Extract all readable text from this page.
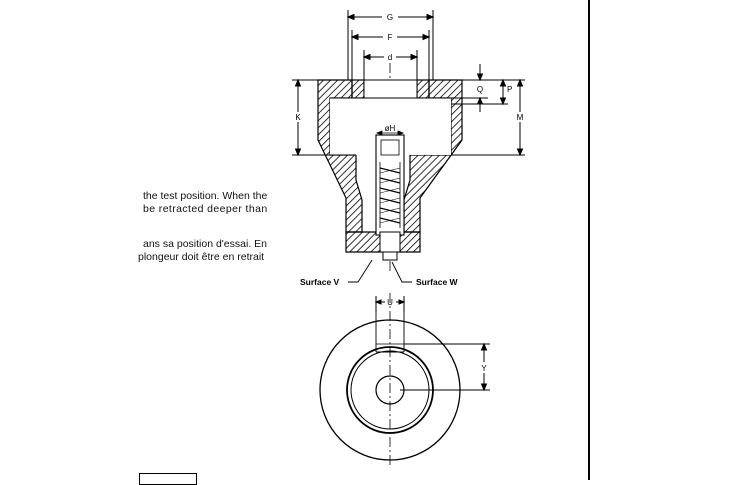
the test position. When the
be retracted deeper than
ans sa position d'essai. En
plongeur doit être en retrait
G
F
d
øH
K
Q	P
M
Surface V	Surface W
U
Y
